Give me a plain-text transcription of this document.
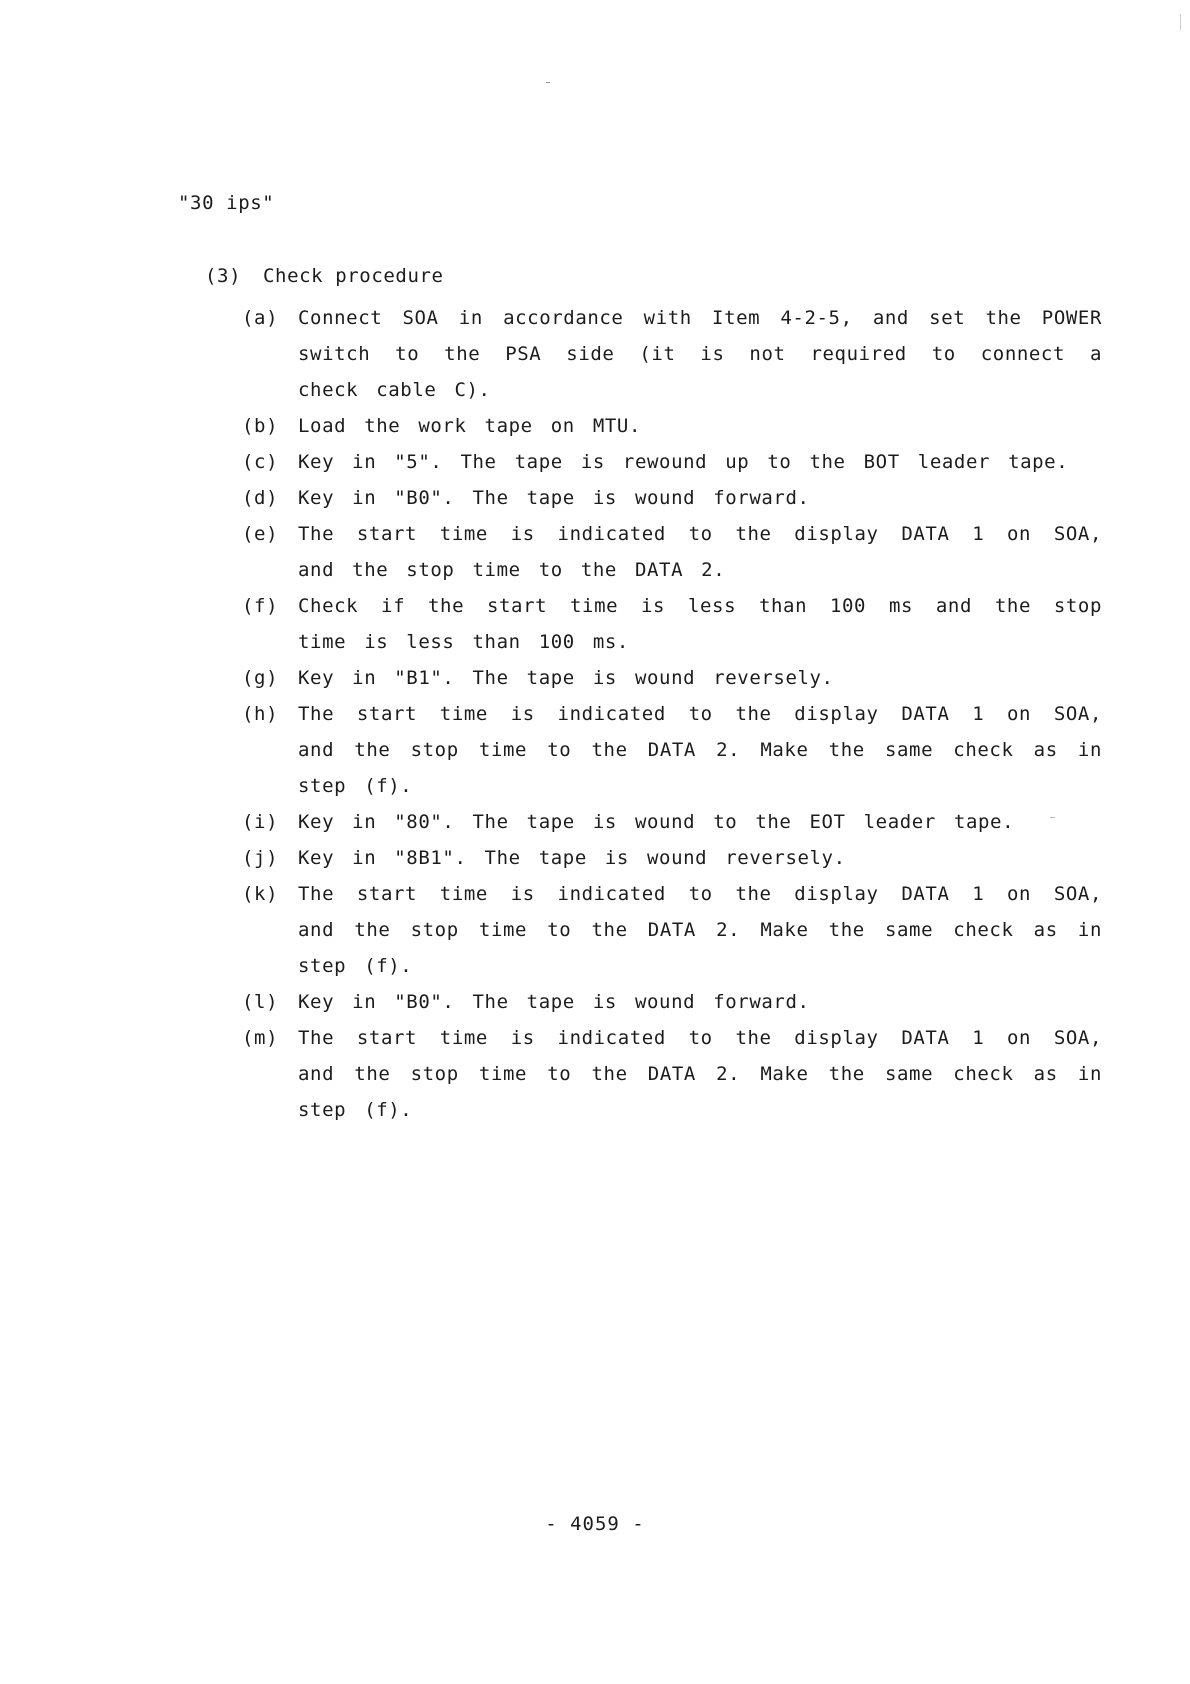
"30 ips"
(3) Check procedure
(a)	Connect SOA in accordance with Item 4-2-5, and set the POWER switch to the PSA side (it is not required to connect a check cable C).
(b)	Load the work tape on MTU.
(c)	Key in "5". The tape is rewound up to the BOT leader tape.
(d)	Key in "B0". The tape is wound forward.
(e)	The start time is indicated to the display DATA 1 on SOA, and the stop time to the DATA 2.
(f)	Check if the start time is less than 100 ms and the stop time is less than 100 ms.
(g)	Key in "B1". The tape is wound reversely.
(h)	The start time is indicated to the display DATA 1 on SOA, and the stop time to the DATA 2. Make the same check as in step (f).
(i)	Key in "80". The tape is wound to the EOT leader tape.
(j)	Key in "8B1". The tape is wound reversely.
(k)	The start time is indicated to the display DATA 1 on SOA, and the stop time to the DATA 2. Make the same check as in step (f).
(l)	Key in "B0". The tape is wound forward.
(m)	The start time is indicated to the display DATA 1 on SOA, and the stop time to the DATA 2. Make the same check as in step (f).
- 4059 -
